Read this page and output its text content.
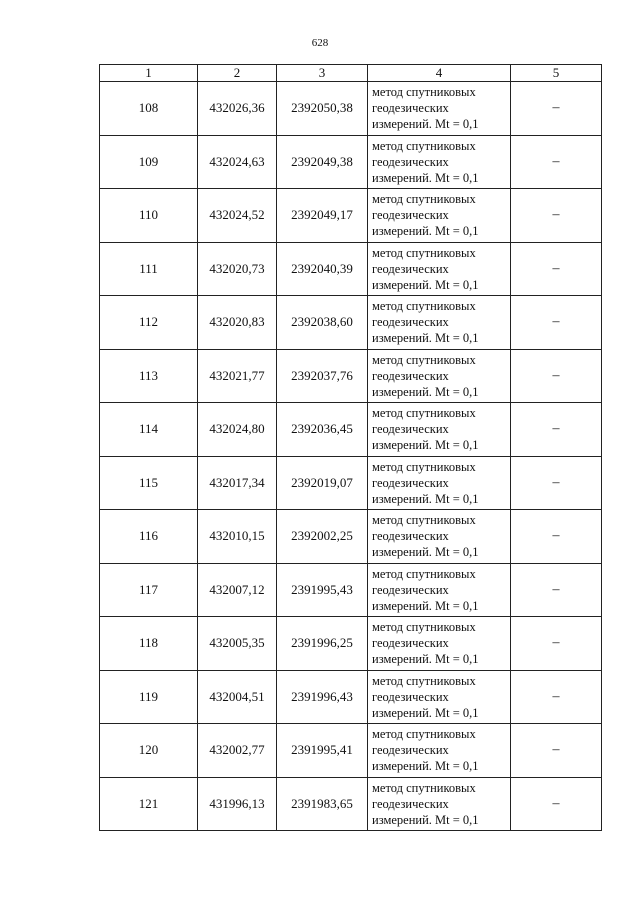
628
1	2	3	4	5
108	432026,36	2392050,38	метод спутниковых
геодезических
измерений. Mt = 0,1	–
109	432024,63	2392049,38	метод спутниковых
геодезических
измерений. Mt = 0,1	–
110	432024,52	2392049,17	метод спутниковых
геодезических
измерений. Mt = 0,1	–
111	432020,73	2392040,39	метод спутниковых
геодезических
измерений. Mt = 0,1	–
112	432020,83	2392038,60	метод спутниковых
геодезических
измерений. Mt = 0,1	–
113	432021,77	2392037,76	метод спутниковых
геодезических
измерений. Mt = 0,1	–
114	432024,80	2392036,45	метод спутниковых
геодезических
измерений. Mt = 0,1	–
115	432017,34	2392019,07	метод спутниковых
геодезических
измерений. Mt = 0,1	–
116	432010,15	2392002,25	метод спутниковых
геодезических
измерений. Mt = 0,1	–
117	432007,12	2391995,43	метод спутниковых
геодезических
измерений. Mt = 0,1	–
118	432005,35	2391996,25	метод спутниковых
геодезических
измерений. Mt = 0,1	–
119	432004,51	2391996,43	метод спутниковых
геодезических
измерений. Mt = 0,1	–
120	432002,77	2391995,41	метод спутниковых
геодезических
измерений. Mt = 0,1	–
121	431996,13	2391983,65	метод спутниковых
геодезических
измерений. Mt = 0,1	–
